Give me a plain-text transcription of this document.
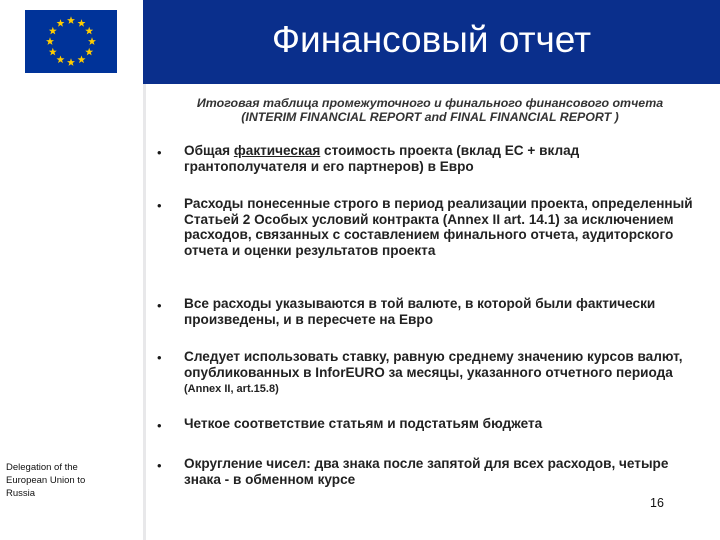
Финансовый отчет
Итоговая таблица промежуточного и финального финансового отчета
(INTERIM FINANCIAL REPORT and FINAL FINANCIAL REPORT )
• Общая фактическая стоимость проекта (вклад ЕС + вклад грантополучателя и его партнеров) в Евро
• Расходы понесенные строго в период реализации проекта, определенный Статьей 2 Особых условий контракта (Annex II art. 14.1) за исключением расходов, связанных с составлением финального отчета, аудиторского отчета и оценки результатов проекта
• Все расходы указываются в той валюте, в которой были фактически произведены, и в пересчете на Евро
• Следует использовать ставку, равную среднему значению курсов валют, опубликованных в InforEURO за месяцы, указанного отчетного периода (Annex II, art.15.8)
• Четкое соответствие статьям и подстатьям бюджета
• Округление чисел: два знака после запятой для всех расходов, четыре знака - в обменном курсе
Delegation of the
European Union to
Russia
16
